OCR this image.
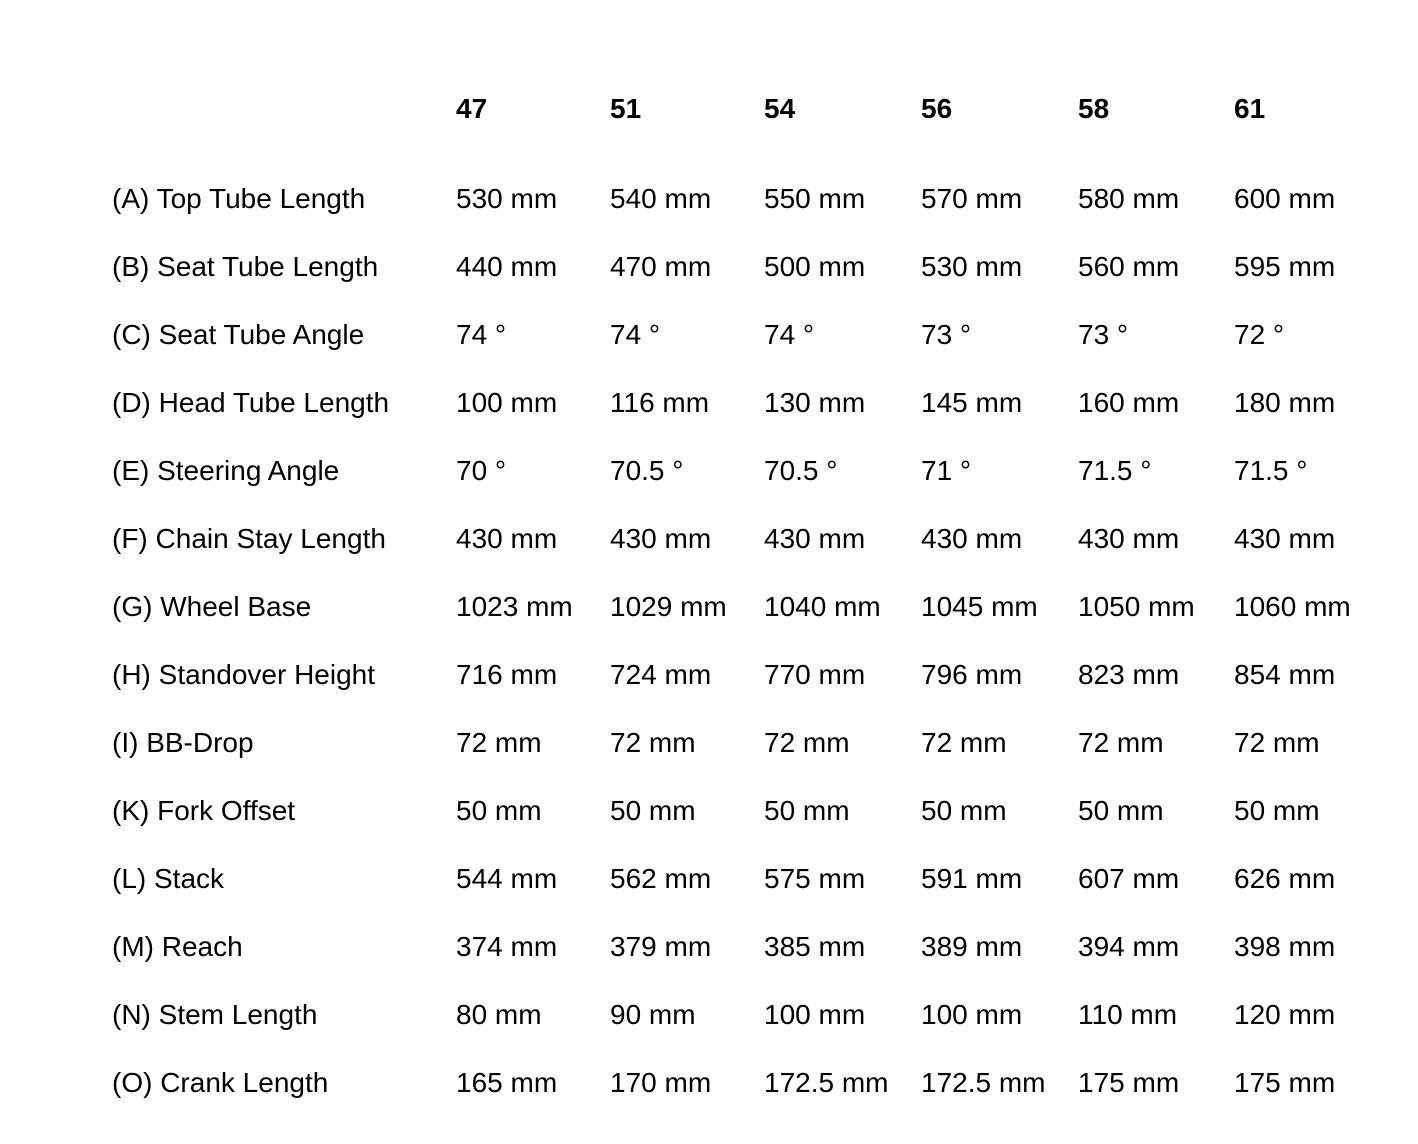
	47	51	54	56	58	61
(A) Top Tube Length	530 mm	540 mm	550 mm	570 mm	580 mm	600 mm
(B) Seat Tube Length	440 mm	470 mm	500 mm	530 mm	560 mm	595 mm
(C) Seat Tube Angle	74 °	74 °	74 °	73 °	73 °	72 °
(D) Head Tube Length	100 mm	116 mm	130 mm	145 mm	160 mm	180 mm
(E) Steering Angle	70 °	70.5 °	70.5 °	71 °	71.5 °	71.5 °
(F) Chain Stay Length	430 mm	430 mm	430 mm	430 mm	430 mm	430 mm
(G) Wheel Base	1023 mm	1029 mm	1040 mm	1045 mm	1050 mm	1060 mm
(H) Standover Height	716 mm	724 mm	770 mm	796 mm	823 mm	854 mm
(I) BB-Drop	72 mm	72 mm	72 mm	72 mm	72 mm	72 mm
(K) Fork Offset	50 mm	50 mm	50 mm	50 mm	50 mm	50 mm
(L) Stack	544 mm	562 mm	575 mm	591 mm	607 mm	626 mm
(M) Reach	374 mm	379 mm	385 mm	389 mm	394 mm	398 mm
(N) Stem Length	80 mm	90 mm	100 mm	100 mm	110 mm	120 mm
(O) Crank Length	165 mm	170 mm	172.5 mm	172.5 mm	175 mm	175 mm
